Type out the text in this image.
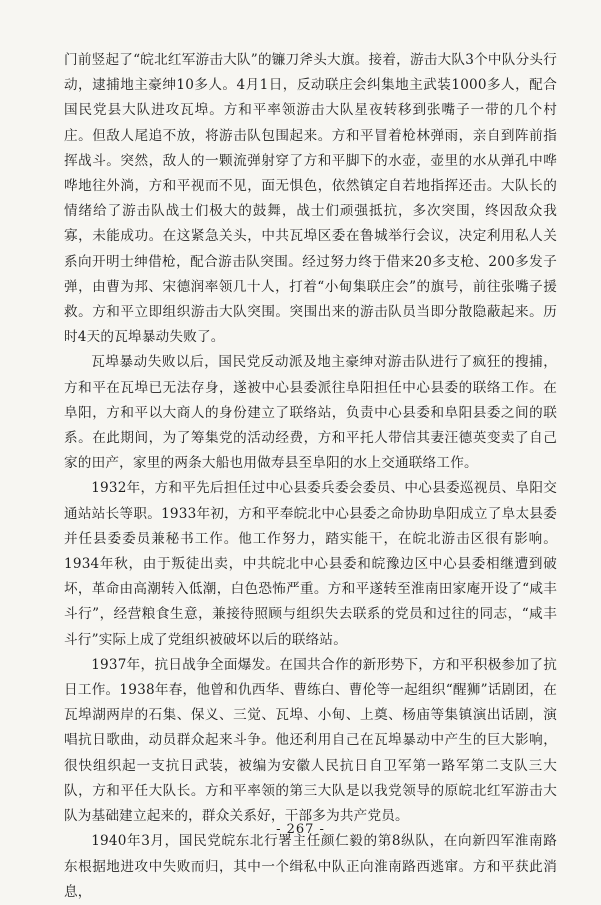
门前竖起了“皖北红军游击大队”的镰刀斧头大旗。接着，游击大队3个中队分头行动，逮捕地主豪绅10多人。4月1日，反动联庄会纠集地主武装1000多人，配合国民党县大队进攻瓦埠。方和平率领游击大队星夜转移到张嘴子一带的几个村庄。但敌人尾追不放，将游击队包围起来。方和平冒着枪林弹雨，亲自到阵前指挥战斗。突然，敌人的一颗流弹射穿了方和平脚下的水壶，壶里的水从弹孔中哗哗地往外淌，方和平视而不见，面无惧色，依然镇定自若地指挥还击。大队长的情绪给了游击队战士们极大的鼓舞，战士们顽强抵抗，多次突围，终因敌众我寡，未能成功。在这紧急关头，中共瓦埠区委在鲁城举行会议，决定利用私人关系向开明士绅借枪，配合游击队突围。经过努力终于借来20多支枪、200多发子弹，由曹为邦、宋德润率领几十人，打着“小甸集联庄会”的旗号，前往张嘴子援救。方和平立即组织游击大队突围。突围出来的游击队员当即分散隐蔽起来。历时4天的瓦埠暴动失败了。

瓦埠暴动失败以后，国民党反动派及地主豪绅对游击队进行了疯狂的搜捕，方和平在瓦埠已无法存身，遂被中心县委派往阜阳担任中心县委的联络工作。在阜阳，方和平以大商人的身份建立了联络站，负责中心县委和阜阳县委之间的联系。在此期间，为了筹集党的活动经费，方和平托人带信其妻汪德英变卖了自己家的田产，家里的两条大船也用做寿县至阜阳的水上交通联络工作。

1932年，方和平先后担任过中心县委兵委会委员、中心县委巡视员、阜阳交通站站长等职。1933年初，方和平奉皖北中心县委之命协助阜阳成立了阜太县委并任县委委员兼秘书工作。他工作努力，踏实能干，在皖北游击区很有影响。1934年秋，由于叛徒出卖，中共皖北中心县委和皖豫边区中心县委相继遭到破坏，革命由高潮转入低潮，白色恐怖严重。方和平遂转至淮南田家庵开设了“咸丰斗行”，经营粮食生意，兼接待照顾与组织失去联系的党员和过往的同志，“咸丰斗行”实际上成了党组织被破坏以后的联络站。

1937年，抗日战争全面爆发。在国共合作的新形势下，方和平积极参加了抗日工作。1938年春，他曾和仇西华、曹练白、曹伦等一起组织“醒狮”话剧团，在瓦埠湖两岸的石集、保义、三觉、瓦埠、小甸、上奠、杨庙等集镇演出话剧，演唱抗日歌曲，动员群众起来斗争。他还利用自己在瓦埠暴动中产生的巨大影响，很快组织起一支抗日武装，被编为安徽人民抗日自卫军第一路军第二支队三大队，方和平任大队长。方和平率领的第三大队是以我党领导的原皖北红军游击大队为基础建立起来的，群众关系好，干部多为共产党员。

1940年3月，国民党皖东北行署主任颜仁毅的第8纵队，在向新四军淮南路东根据地进攻中失败而归，其中一个缉私中队正向淮南路西逃窜。方和平获此消息，

- 267 -
